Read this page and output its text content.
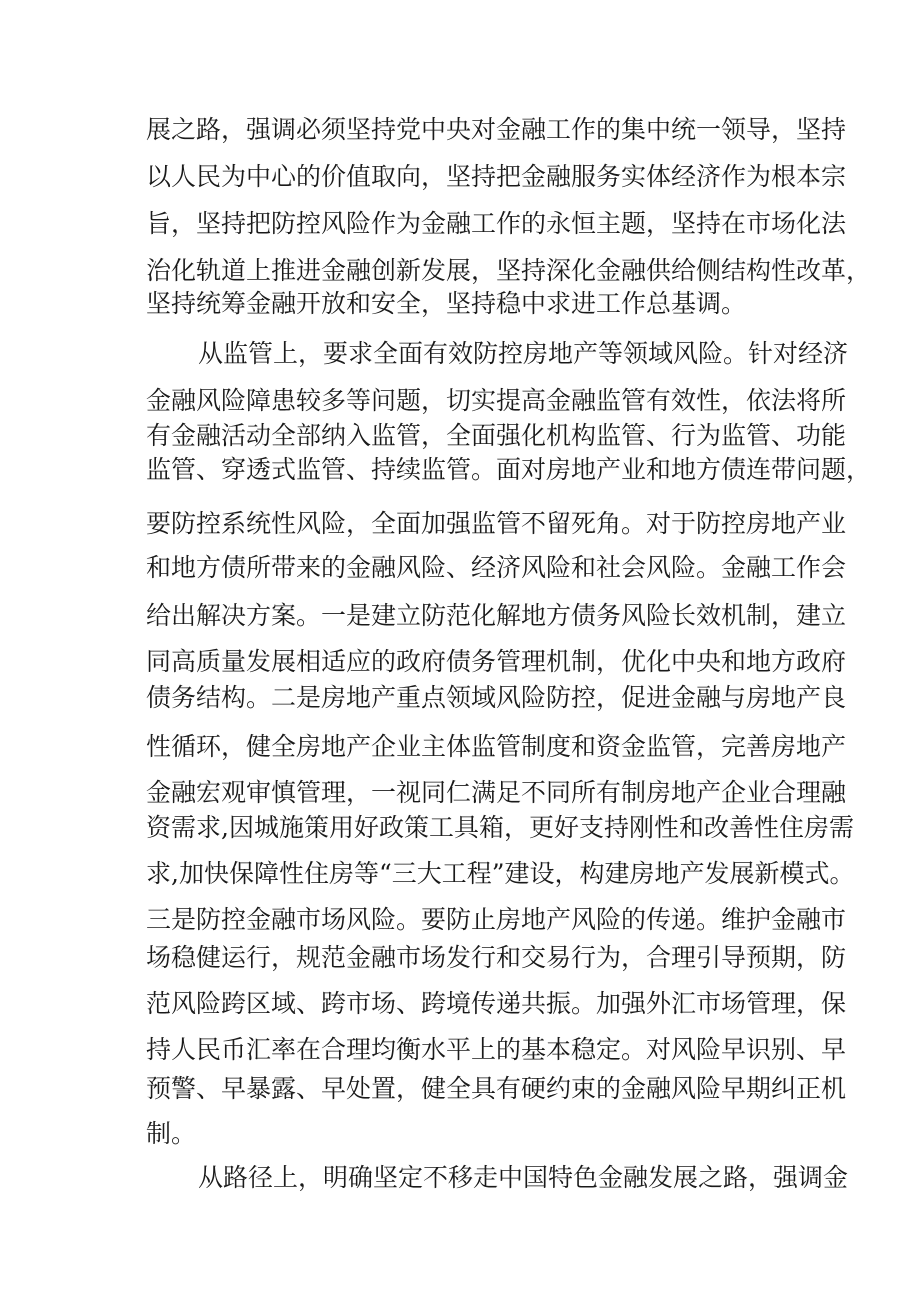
展之路，强调必须坚持党中央对金融工作的集中统一领导，坚持

以人民为中心的价值取向，坚持把金融服务实体经济作为根本宗

旨，坚持把防控风险作为金融工作的永恒主题，坚持在市场化法

治化轨道上推进金融创新发展，坚持深化金融供给侧结构性改革，

坚持统筹金融开放和安全，坚持稳中求进工作总基调。

从监管上，要求全面有效防控房地产等领域风险。针对经济

金融风险障患较多等问题，切实提高金融监管有效性，依法将所

有金融活动全部纳入监管，全面强化机构监管、行为监管、功能

监管、穿透式监管、持续监管。面对房地产业和地方债连带问题，

要防控系统性风险，全面加强监管不留死角。对于防控房地产业

和地方债所带来的金融风险、经济风险和社会风险。金融工作会

给出解决方案。一是建立防范化解地方债务风险长效机制，建立

同高质量发展相适应的政府债务管理机制，优化中央和地方政府

债务结构。二是房地产重点领域风险防控，促进金融与房地产良

性循环，健全房地产企业主体监管制度和资金监管，完善房地产

金融宏观审慎管理，一视同仁满足不同所有制房地产企业合理融

资需求,因城施策用好政策工具箱，更好支持刚性和改善性住房需

求,加快保障性住房等“三大工程”建设，构建房地产发展新模式。

三是防控金融市场风险。要防止房地产风险的传递。维护金融市

场稳健运行，规范金融市场发行和交易行为，合理引导预期，防

范风险跨区域、跨市场、跨境传递共振。加强外汇市场管理，保

持人民币汇率在合理均衡水平上的基本稳定。对风险早识别、早

预警、早暴露、早处置，健全具有硬约束的金融风险早期纠正机

制。

从路径上，明确坚定不移走中国特色金融发展之路，强调金
